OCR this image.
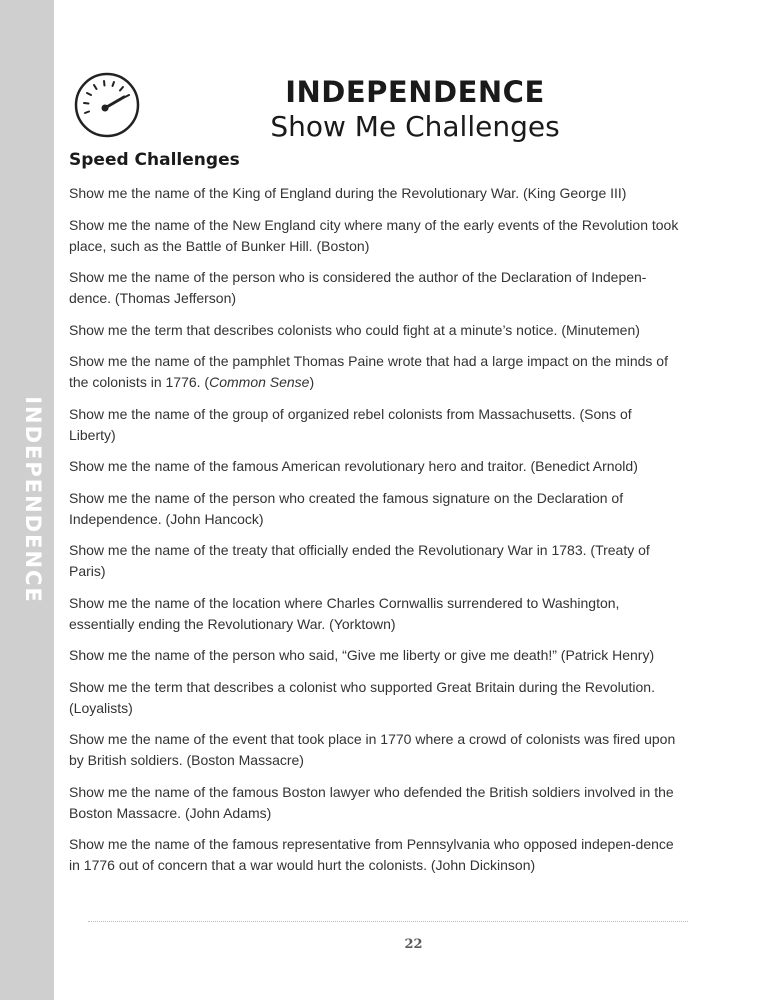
INDEPENDENCE
INDEPENDENCE
Show Me Challenges
Speed Challenges

Show me the name of the King of England during the Revolutionary War. (King George III)

Show me the name of the New England city where many of the early events of the Revolution took place, such as the Battle of Bunker Hill. (Boston)

Show me the name of the person who is considered the author of the Declaration of Indepen-dence. (Thomas Jefferson)

Show me the term that describes colonists who could fight at a minute’s notice. (Minutemen)

Show me the name of the pamphlet Thomas Paine wrote that had a large impact on the minds of the colonists in 1776. (Common Sense)

Show me the name of the group of organized rebel colonists from Massachusetts. (Sons of Liberty)

Show me the name of the famous American revolutionary hero and traitor. (Benedict Arnold)

Show me the name of the person who created the famous signature on the Declaration of Independence. (John Hancock)

Show me the name of the treaty that officially ended the Revolutionary War in 1783. (Treaty of Paris)

Show me the name of the location where Charles Cornwallis surrendered to Washington, essentially ending the Revolutionary War. (Yorktown)

Show me the name of the person who said, “Give me liberty or give me death!” (Patrick Henry)

Show me the term that describes a colonist who supported Great Britain during the Revolution. (Loyalists)

Show me the name of the event that took place in 1770 where a crowd of colonists was fired upon by British soldiers. (Boston Massacre)

Show me the name of the famous Boston lawyer who defended the British soldiers involved in the Boston Massacre. (John Adams)

Show me the name of the famous representative from Pennsylvania who opposed indepen-dence in 1776 out of concern that a war would hurt the colonists. (John Dickinson)

22
